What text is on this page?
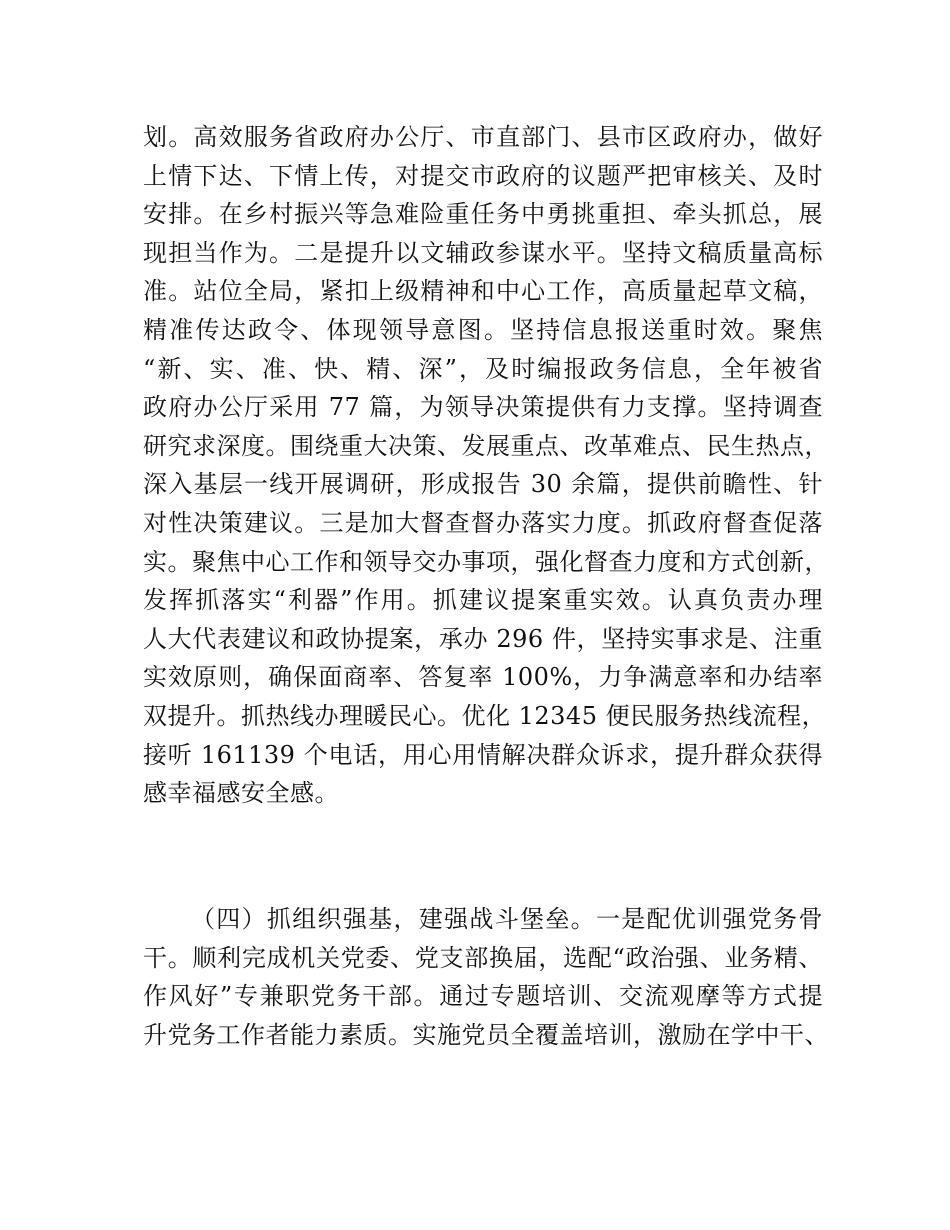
划。高效服务省政府办公厅、市直部门、县市区政府办，做好
上情下达、下情上传，对提交市政府的议题严把审核关、及时
安排。在乡村振兴等急难险重任务中勇挑重担、牵头抓总，展
现担当作为。二是提升以文辅政参谋水平。坚持文稿质量高标
准。站位全局，紧扣上级精神和中心工作，高质量起草文稿，
精准传达政令、体现领导意图。坚持信息报送重时效。聚焦
“新、实、准、快、精、深”，及时编报政务信息，全年被省
政府办公厅采用 77 篇，为领导决策提供有力支撑。坚持调查
研究求深度。围绕重大决策、发展重点、改革难点、民生热点，
深入基层一线开展调研，形成报告 30 余篇，提供前瞻性、针
对性决策建议。三是加大督查督办落实力度。抓政府督查促落
实。聚焦中心工作和领导交办事项，强化督查力度和方式创新，
发挥抓落实“利器”作用。抓建议提案重实效。认真负责办理
人大代表建议和政协提案，承办 296 件，坚持实事求是、注重
实效原则，确保面商率、答复率 100%，力争满意率和办结率
双提升。抓热线办理暖民心。优化 12345 便民服务热线流程，
接听 161139 个电话，用心用情解决群众诉求，提升群众获得
感幸福感安全感。
（四）抓组织强基，建强战斗堡垒。一是配优训强党务骨
干。顺利完成机关党委、党支部换届，选配“政治强、业务精、
作风好”专兼职党务干部。通过专题培训、交流观摩等方式提
升党务工作者能力素质。实施党员全覆盖培训，激励在学中干、
